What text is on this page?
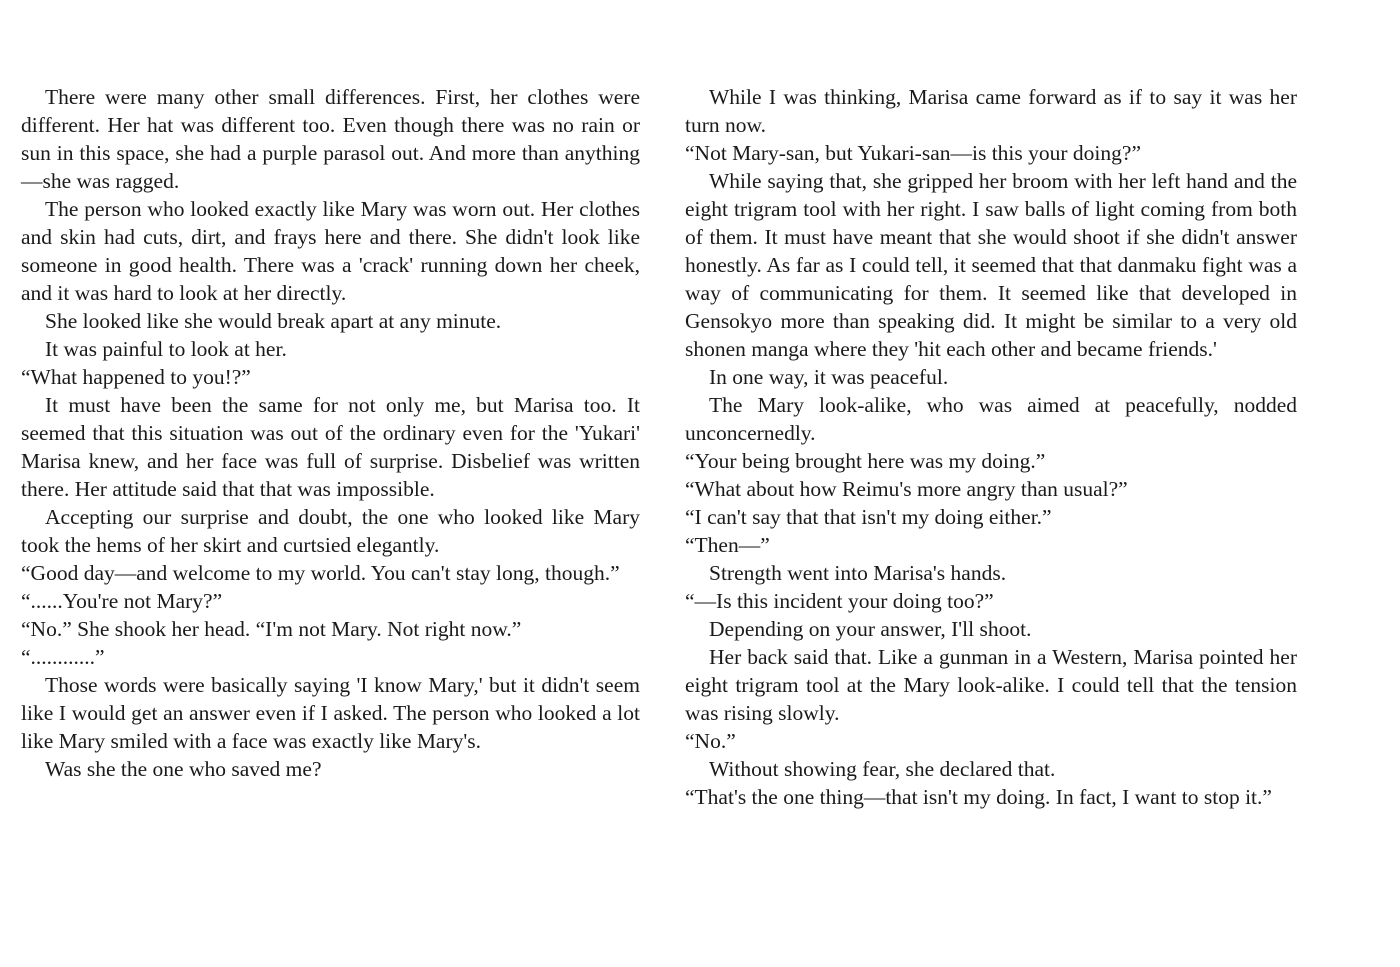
There were many other small differences. First, her clothes were different. Her hat was different too. Even though there was no rain or sun in this space, she had a purple parasol out. And more than anything—she was ragged.

The person who looked exactly like Mary was worn out. Her clothes and skin had cuts, dirt, and frays here and there. She didn't look like someone in good health. There was a 'crack' running down her cheek, and it was hard to look at her directly.

She looked like she would break apart at any minute.

It was painful to look at her.

“What happened to you!?”

It must have been the same for not only me, but Marisa too. It seemed that this situation was out of the ordinary even for the 'Yukari' Marisa knew, and her face was full of surprise. Disbelief was written there. Her attitude said that that was impossible.

Accepting our surprise and doubt, the one who looked like Mary took the hems of her skirt and curtsied elegantly.

“Good day—and welcome to my world. You can't stay long, though.”

“......You're not Mary?”

“No.” She shook her head. “I'm not Mary. Not right now.”

“............”

Those words were basically saying 'I know Mary,' but it didn't seem like I would get an answer even if I asked. The person who looked a lot like Mary smiled with a face was exactly like Mary's.

Was she the one who saved me?

While I was thinking, Marisa came forward as if to say it was her turn now.

“Not Mary-san, but Yukari-san—is this your doing?”

While saying that, she gripped her broom with her left hand and the eight trigram tool with her right. I saw balls of light coming from both of them. It must have meant that she would shoot if she didn't answer honestly. As far as I could tell, it seemed that that danmaku fight was a way of communicating for them. It seemed like that developed in Gensokyo more than speaking did. It might be similar to a very old shonen manga where they 'hit each other and became friends.'

In one way, it was peaceful.

The Mary look-alike, who was aimed at peacefully, nodded unconcernedly.

“Your being brought here was my doing.”

“What about how Reimu's more angry than usual?”

“I can't say that that isn't my doing either.”

“Then—”

Strength went into Marisa's hands.

“—Is this incident your doing too?”

Depending on your answer, I'll shoot.

Her back said that. Like a gunman in a Western, Marisa pointed her eight trigram tool at the Mary look-alike. I could tell that the tension was rising slowly.

“No.”

Without showing fear, she declared that.

“That's the one thing—that isn't my doing. In fact, I want to stop it.”
